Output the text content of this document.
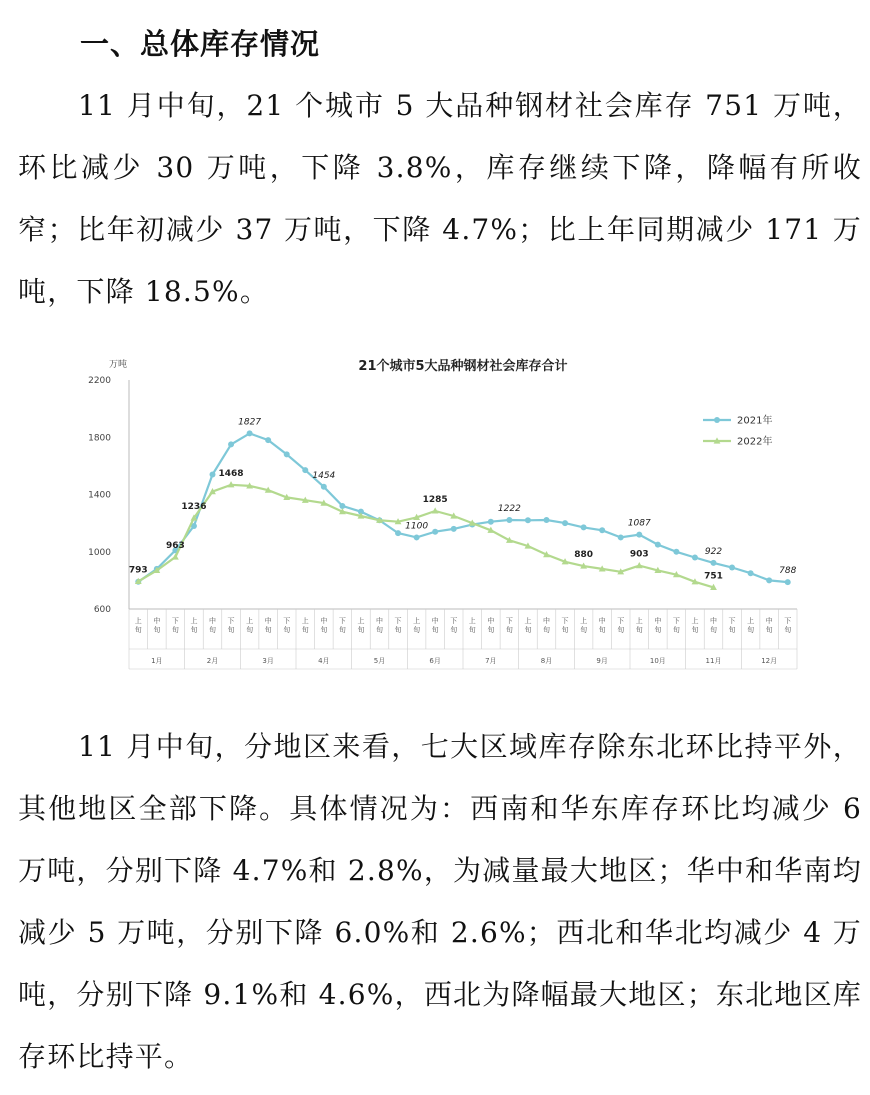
一、总体库存情况

11 月中旬，21 个城市 5 大品种钢材社会库存 751 万吨，环比减少 30 万吨，下降 3.8%，库存继续下降，降幅有所收窄；比年初减少 37 万吨，下降 4.7%；比上年同期减少 171 万吨，下降 18.5%。

21个城市5大品种钢材社会库存合计
万吨
600
1000
1400
1800
2200
上
旬
中
旬
下
旬
上
旬
中
旬
下
旬
上
旬
中
旬
下
旬
上
旬
中
旬
下
旬
上
旬
中
旬
下
旬
上
旬
中
旬
下
旬
上
旬
中
旬
下
旬
上
旬
中
旬
下
旬
上
旬
中
旬
下
旬
上
旬
中
旬
下
旬
上
旬
中
旬
下
旬
上
旬
中
旬
下
旬
1月	2月	3月	4月	5月	6月	7月	8月	9月	10月	11月	12月
1827
1454
1100
1222
1087
922
788
793
963
1236
1468
1285
880	903
751
2021年
2022年

11 月中旬，分地区来看，七大区域库存除东北环比持平外，其他地区全部下降。具体情况为：西南和华东库存环比均减少 6 万吨，分别下降 4.7%和 2.8%，为减量最大地区；华中和华南均减少 5 万吨，分别下降 6.0%和 2.6%；西北和华北均减少 4 万吨，分别下降 9.1%和 4.6%，西北为降幅最大地区；东北地区库存环比持平。
